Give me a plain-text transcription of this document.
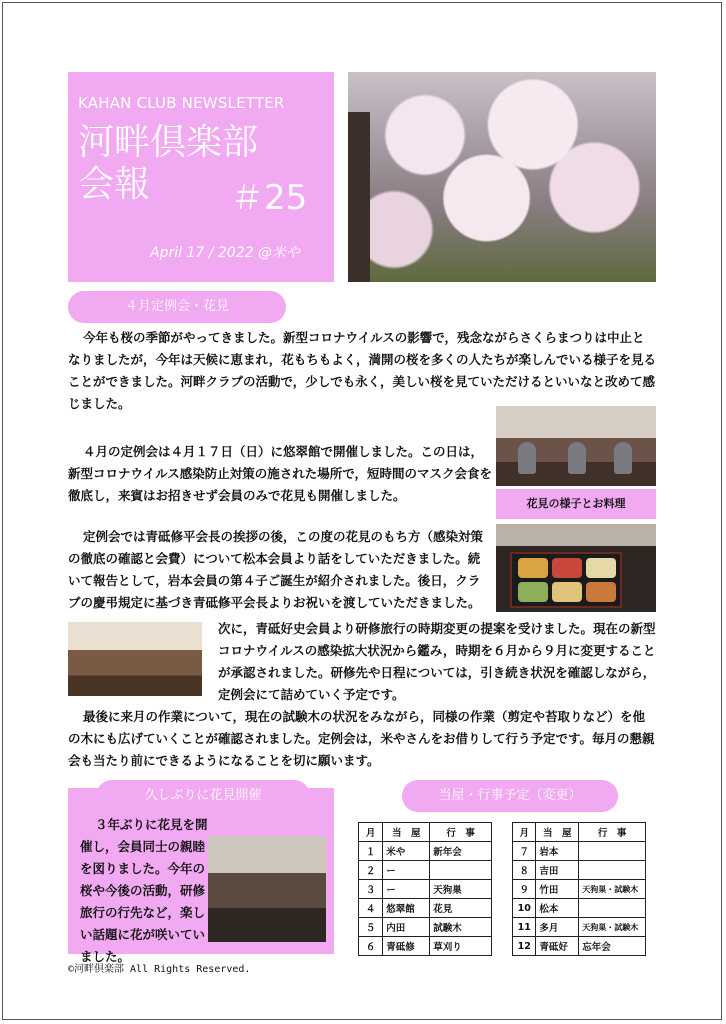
KAHAN CLUB NEWSLETTER
河畔倶楽部
会報	＃25
April 17 / 2022 @米や
４月定例会・花見
今年も桜の季節がやってきました。新型コロナウイルスの影響で，残念ながらさくらまつりは中止となりましたが，今年は天候に恵まれ，花もちもよく，満開の桜を多くの人たちが楽しんでいる様子を見ることができました。河畔クラブの活動で，少しでも永く，美しい桜を見ていただけるといいなと改めて感じました。
花見の様子とお料理
４月の定例会は４月１７日（日）に悠翠館で開催しました。この日は，新型コロナウイルス感染防止対策の施された場所で，短時間のマスク会食を徹底し，来賓はお招きせず会員のみで花見も開催しました。
定例会では青砥修平会長の挨拶の後，この度の花見のもち方（感染対策の徹底の確認と会費）について松本会員より話をしていただきました。続いて報告として，岩本会員の第４子ご誕生が紹介されました。後日，クラブの慶弔規定に基づき青砥修平会長よりお祝いを渡していただきました。
次に，青砥好史会員より研修旅行の時期変更の提案を受けました。現在の新型コロナウイルスの感染拡大状況から鑑み，時期を６月から９月に変更することが承認されました。研修先や日程については，引き続き状況を確認しながら，定例会にて詰めていく予定です。
最後に来月の作業について，現在の試験木の状況をみながら，同様の作業（剪定や苔取りなど）を他の木にも広げていくことが確認されました。定例会は，米やさんをお借りして行う予定です。毎月の懇親会も当たり前にできるようになることを切に願います。
３年ぶりに花見を開催し，会員同士の親睦を図りました。今年の桜や今後の活動，研修旅行の行先など，楽しい話題に花が咲いていました。
久しぶりに花見開催	当屋・行事予定（変更）
月	当　屋	行　事
１	米や	新年会
２	ー	
３	ー	天狗巣
４	悠翠館	花見
５	内田	試験木
６	青砥修	草刈り
月	当　屋	行　事
７	岩本	
８	吉田	
９	竹田	天狗巣・試験木
10	松本	
11	多月	天狗巣・試験木
12	青砥好	忘年会
©河畔倶楽部 All Rights Reserved.
